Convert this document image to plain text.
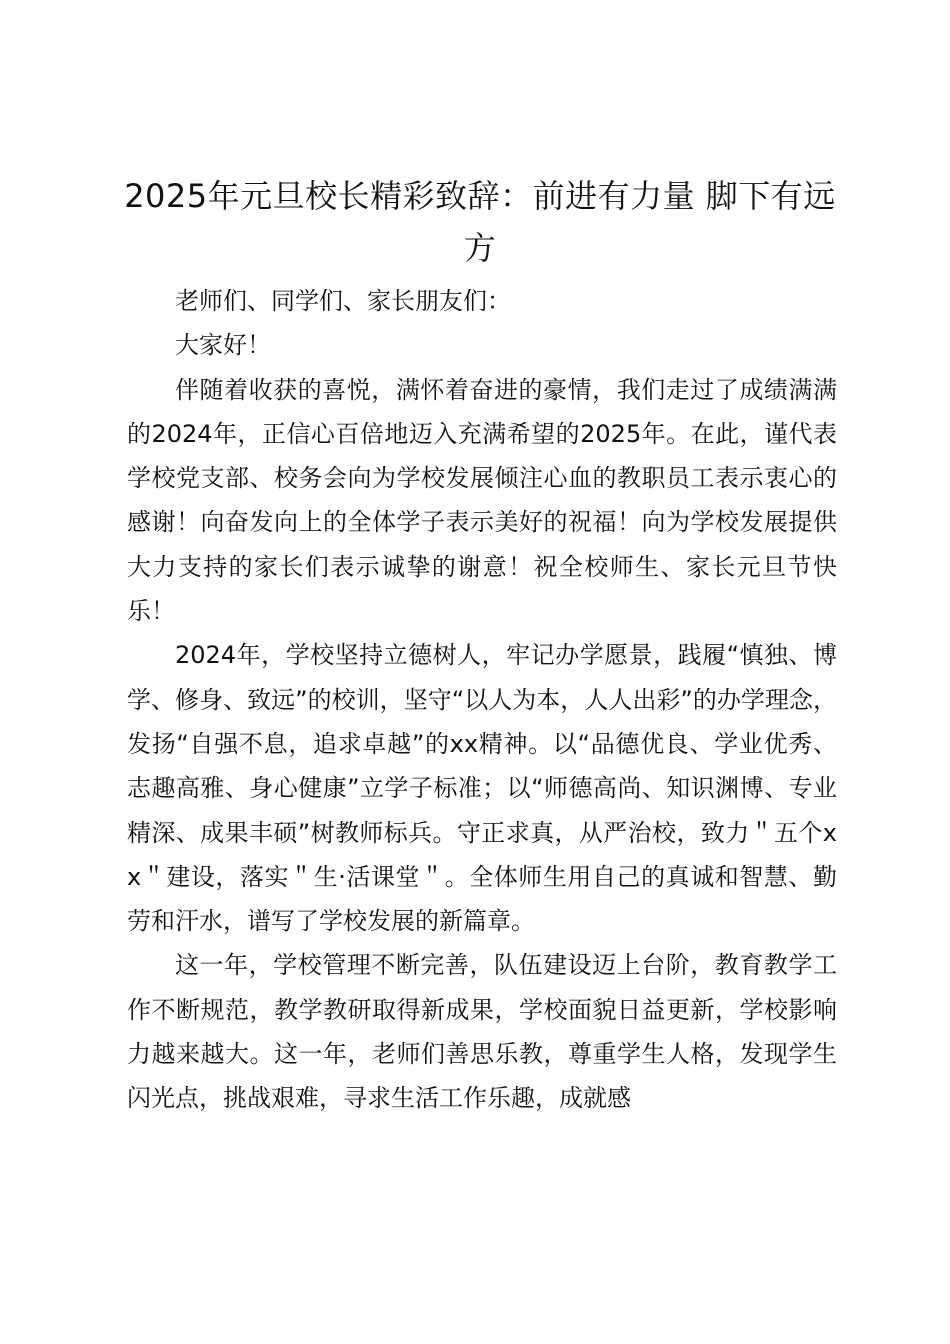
2025年元旦校长精彩致辞：前进有力量 脚下有远方

老师们、同学们、家长朋友们：

大家好！

伴随着收获的喜悦，满怀着奋进的豪情，我们走过了成绩满满的2024年，正信心百倍地迈入充满希望的2025年。在此，谨代表学校党支部、校务会向为学校发展倾注心血的教职员工表示衷心的感谢！向奋发向上的全体学子表示美好的祝福！向为学校发展提供大力支持的家长们表示诚挚的谢意！祝全校师生、家长元旦节快乐！

2024年，学校坚持立德树人，牢记办学愿景，践履“慎独、博学、修身、致远”的校训，坚守“以人为本，人人出彩”的办学理念，发扬“自强不息，追求卓越”的xx精神。以“品德优良、学业优秀、志趣高雅、身心健康”立学子标准；以“师德高尚、知识渊博、专业精深、成果丰硕”树教师标兵。守正求真，从严治校，致力＂五个xx＂建设，落实＂生·活课堂＂。全体师生用自己的真诚和智慧、勤劳和汗水，谱写了学校发展的新篇章。

这一年，学校管理不断完善，队伍建设迈上台阶，教育教学工作不断规范，教学教研取得新成果，学校面貌日益更新，学校影响力越来越大。这一年，老师们善思乐教，尊重学生人格，发现学生闪光点，挑战艰难，寻求生活工作乐趣，成就感
